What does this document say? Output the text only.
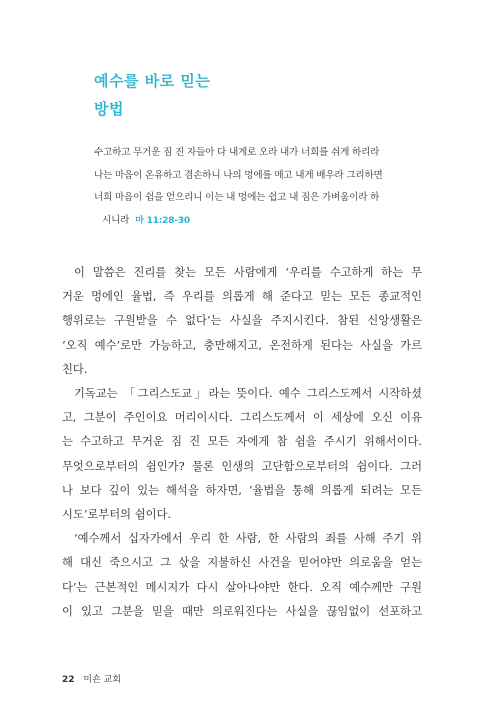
예수를 바로 믿는
방법
수고하고 무거운 짐 진 자들아 다 내게로 오라 내가 너희를 쉬게 하리라
나는 마음이 온유하고 겸손하니 나의 멍에를 메고 내게 배우라 그리하면
너희 마음이 쉼을 얻으리니 이는 내 멍에는 쉽고 내 짐은 가벼움이라 하
시니라 마 11:28-30
이 말씀은 진리를 찾는 모든 사람에게 ‘우리를 수고하게 하는 무
거운 멍에인 율법, 즉 우리를 의롭게 해 준다고 믿는 모든 종교적인
행위로는 구원받을 수 없다’는 사실을 주지시킨다. 참된 신앙생활은
‘오직 예수’로만 가능하고, 충만해지고, 온전하게 된다는 사실을 가르
친다.
기독교는 「그리스도교」라는 뜻이다. 예수 그리스도께서 시작하셨
고, 그분이 주인이요 머리이시다. 그리스도께서 이 세상에 오신 이유
는 수고하고 무거운 짐 진 모든 자에게 참 쉼을 주시기 위해서이다.
무엇으로부터의 쉼인가? 물론 인생의 고단함으로부터의 쉼이다. 그러
나 보다 깊이 있는 해석을 하자면, ‘율법을 통해 의롭게 되려는 모든
시도’로부터의 쉼이다.
‘예수께서 십자가에서 우리 한 사람, 한 사람의 죄를 사해 주기 위
해 대신 죽으시고 그 삯을 지불하신 사건을 믿어야만 의로움을 얻는
다’는 근본적인 메시지가 다시 살아나야만 한다. 오직 예수께만 구원
이 있고 그분을 믿을 때만 의로워진다는 사실을 끊임없이 선포하고
22 미숀 교회
